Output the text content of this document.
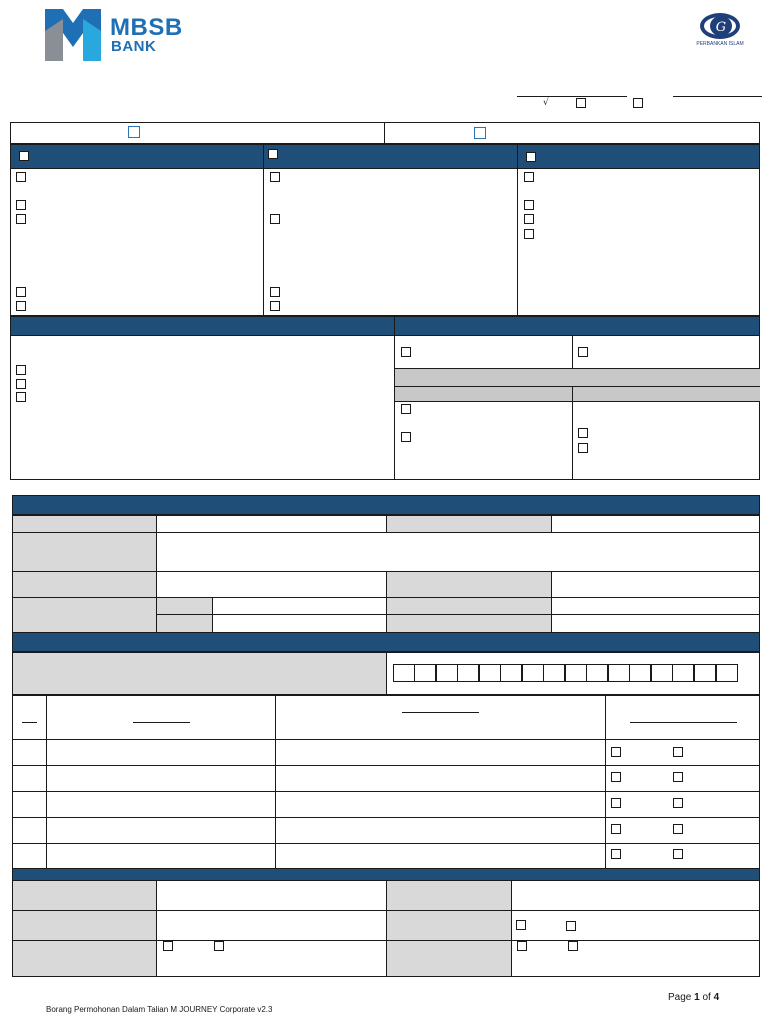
MBSB
BANK
G
PERBANKAN ISLAM
√
Page 1 of 4
Borang Permohonan Dalam Talian M JOURNEY Corporate v2.3
